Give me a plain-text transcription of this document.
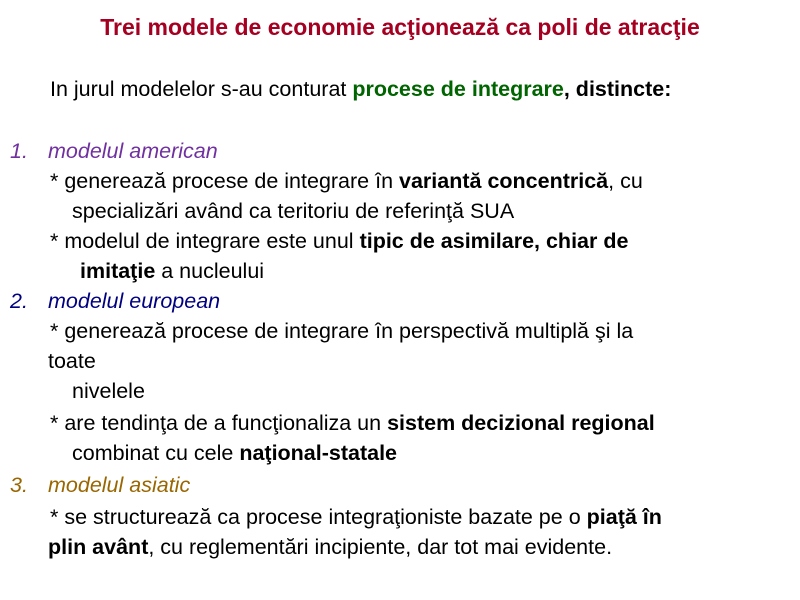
Trei modele de economie acţionează ca poli de atracţie
In jurul modelelor s-au conturat procese de integrare, distincte:
1. modelul american
* generează procese de integrare în variantă concentrică, cu
specializări având ca teritoriu de referinţă SUA
* modelul de integrare este unul tipic de asimilare, chiar de
imitaţie a nucleului
2. modelul european
* generează procese de integrare în perspectivă multiplă şi la
toate
nivelele
* are tendinţa de a funcţionaliza un sistem decizional regional
combinat cu cele naţional-statale
3. modelul asiatic
* se structurează ca procese integraţioniste bazate pe o piaţă în
plin avânt, cu reglementări incipiente, dar tot mai evidente.
